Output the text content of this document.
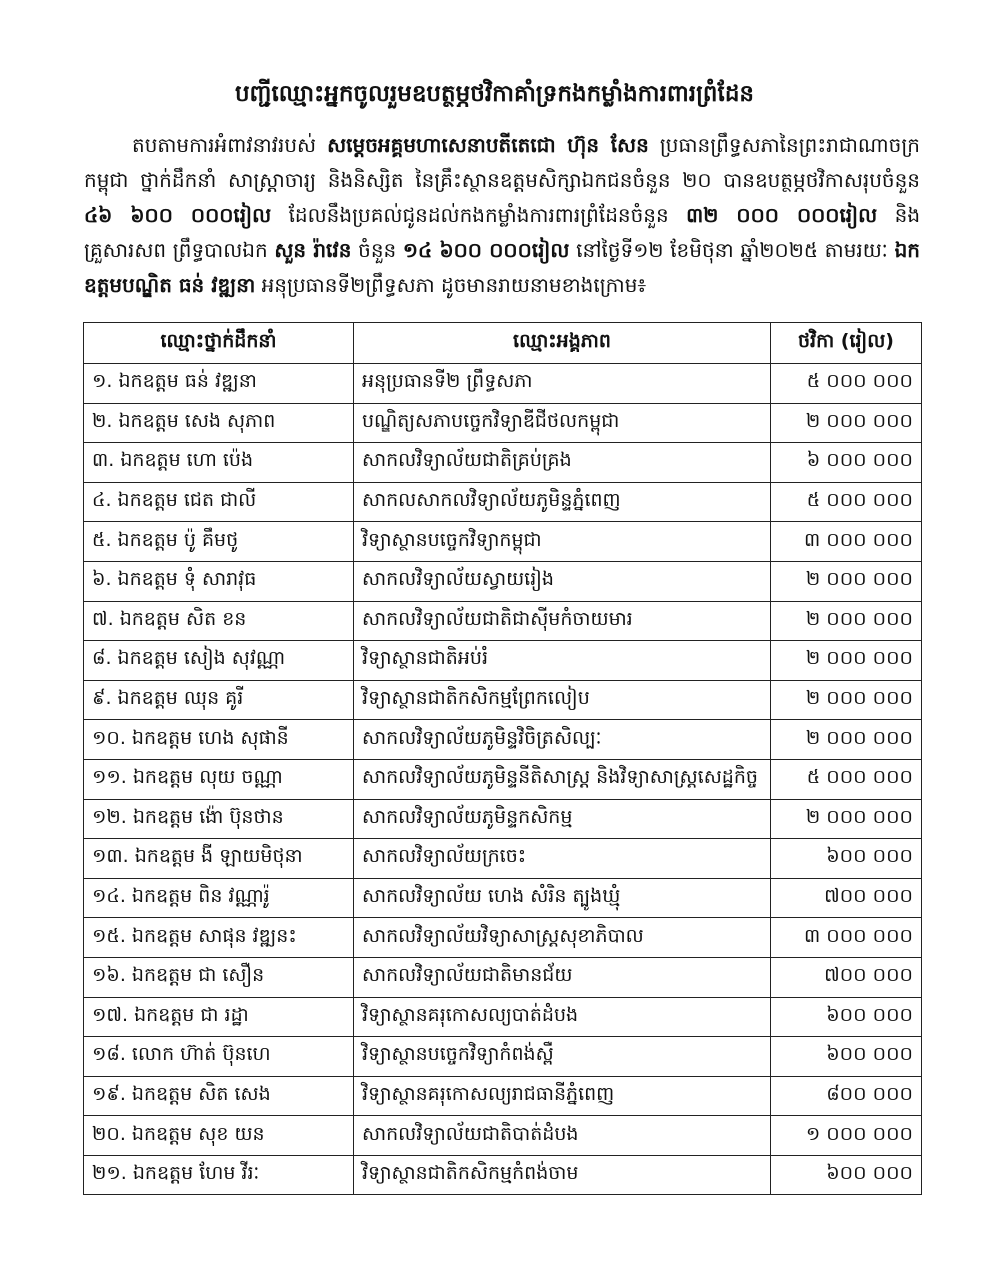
បញ្ជីឈ្មោះអ្នកចូលរួមឧបត្ថម្ភថវិកាគាំទ្រកងកម្លាំងការពារព្រំដែន

តបតាមការអំពាវនាវរបស់ សម្តេចអគ្គមហាសេនាបតីតេជោ ហ៊ុន សែន ប្រធានព្រឹទ្ធសភានៃព្រះរាជាណាចក្រកម្ពុជា ថ្នាក់ដឹកនាំ សាស្ត្រាចារ្យ និងនិស្សិត នៃគ្រឹះស្ថានឧត្តមសិក្សាឯកជនចំនួន ២០ បានឧបត្ថម្ភថវិកាសរុបចំនួន ៤៦ ៦០០ ០០០រៀល ដែលនឹងប្រគល់ជូនដល់កងកម្លាំងការពារព្រំដែនចំនួន ៣២ ០០០ ០០០រៀល និងគ្រួសារសព ព្រឹទ្ធបាលឯក សួន រ៉ាវេន ចំនួន ១៤ ៦០០ ០០០រៀល នៅថ្ងៃទី១២ ខែមិថុនា ឆ្នាំ២០២៥ តាមរយៈ ឯកឧត្តមបណ្ឌិត ធន់ វឌ្ឍនា អនុប្រធានទី២ព្រឹទ្ធសភា ដូចមានរាយនាមខាងក្រោម៖

ឈ្មោះថ្នាក់ដឹកនាំ	ឈ្មោះអង្គភាព	ថវិកា (រៀល)
១. ឯកឧត្តម ធន់ វឌ្ឍនា	អនុប្រធានទី២ ព្រឹទ្ធសភា	៥ ០០០ ០០០
២. ឯកឧត្តម សេង សុភាព	បណ្ឌិត្យសភាបច្ចេកវិទ្យាឌីជីថលកម្ពុជា	២ ០០០ ០០០
៣. ឯកឧត្តម ហោ ប៉េង	សាកលវិទ្យាល័យជាតិគ្រប់គ្រង	៦ ០០០ ០០០
៤. ឯកឧត្តម ជេត ជាលី	សាកលសាកលវិទ្យាល័យភូមិន្ទភ្នំពេញ	៥ ០០០ ០០០
៥. ឯកឧត្តម ប៉ូ គឹមថូ	វិទ្យាស្ថានបច្ចេកវិទ្យាកម្ពុជា	៣ ០០០ ០០០
៦. ឯកឧត្តម ទុំ សារាវុធ	សាកលវិទ្យាល័យស្វាយរៀង	២ ០០០ ០០០
៧. ឯកឧត្តម សិត ខន	សាកលវិទ្យាល័យជាតិជាស៊ីមកំចាយមារ	២ ០០០ ០០០
៨. ឯកឧត្តម សៀង សុវណ្ណា	វិទ្យាស្ថានជាតិអប់រំ	២ ០០០ ០០០
៩. ឯកឧត្តម ឈុន គូរី	វិទ្យាស្ថានជាតិកសិកម្មព្រែកលៀប	២ ០០០ ០០០
១០. ឯកឧត្តម ហេង សុផានី	សាកលវិទ្យាល័យភូមិន្ទវិចិត្រសិល្បៈ	២ ០០០ ០០០
១១. ឯកឧត្តម លុយ ចណ្ណា	សាកលវិទ្យាល័យភូមិន្ទនីតិសាស្ត្រ និងវិទ្យាសាស្ត្រសេដ្ឋកិច្ច	៥ ០០០ ០០០
១២. ឯកឧត្តម ង៉ោ ប៊ុនថាន	សាកលវិទ្យាល័យភូមិន្ទកសិកម្ម	២ ០០០ ០០០
១៣. ឯកឧត្តម ងី ឡាយមិថុនា	សាកលវិទ្យាល័យក្រចេះ	៦០០ ០០០
១៤. ឯកឧត្តម ពិន វណ្ណារ៉ូ	សាកលវិទ្យាល័យ ហេង សំរិន ត្បូងឃ្មុំ	៧០០ ០០០
១៥. ឯកឧត្តម សាផុន វឌ្ឍនះ	សាកលវិទ្យាល័យវិទ្យាសាស្ត្រសុខាភិបាល	៣ ០០០ ០០០
១៦. ឯកឧត្តម ជា សឿន	សាកលវិទ្យាល័យជាតិមានជ័យ	៧០០ ០០០
១៧. ឯកឧត្តម ជា រដ្ឋា	វិទ្យាស្ថានគរុកោសល្យបាត់ដំបង	៦០០ ០០០
១៨. លោក ហ៊ាត់ ប៊ុនហេ	វិទ្យាស្ថានបច្ចេកវិទ្យាកំពង់ស្ពឺ	៦០០ ០០០
១៩. ឯកឧត្តម សិត សេង	វិទ្យាស្ថានគរុកោសល្យរាជធានីភ្នំពេញ	៨០០ ០០០
២០. ឯកឧត្តម សុខ យន	សាកលវិទ្យាល័យជាតិបាត់ដំបង	១ ០០០ ០០០
២១. ឯកឧត្តម ហែម វីរៈ	វិទ្យាស្ថានជាតិកសិកម្មកំពង់ចាម	៦០០ ០០០
